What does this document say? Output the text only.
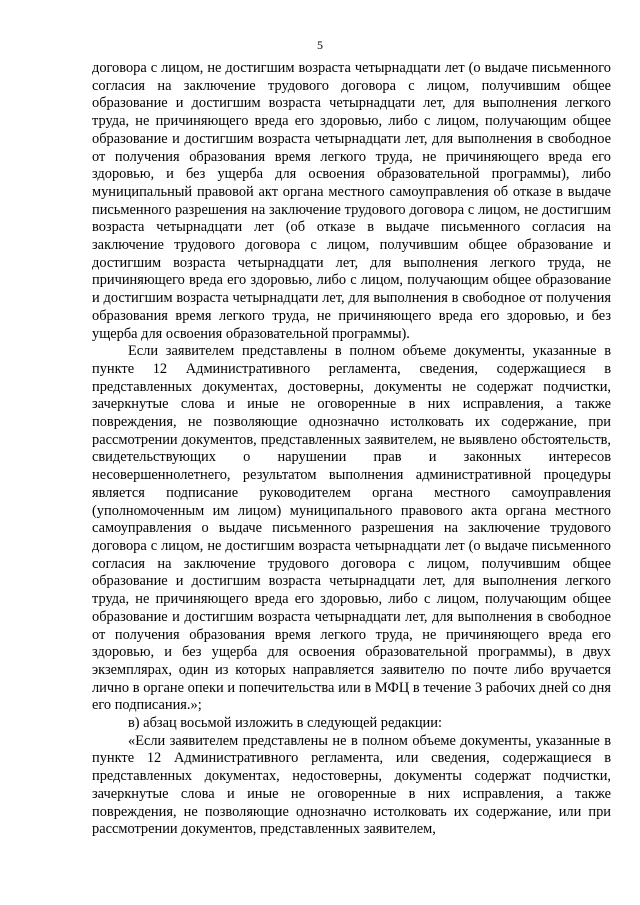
5

договора с лицом, не достигшим возраста четырнадцати лет (о выдаче письменного согласия на заключение трудового договора с лицом, получившим общее образование и достигшим возраста четырнадцати лет, для выполнения легкого труда, не причиняющего вреда его здоровью, либо с лицом, получающим общее образование и достигшим возраста четырнадцати лет, для выполнения в свободное от получения образования время легкого труда, не причиняющего вреда его здоровью, и без ущерба для освоения образовательной программы), либо муниципальный правовой акт органа местного самоуправления об отказе в выдаче письменного разрешения на заключение трудового договора с лицом, не достигшим возраста четырнадцати лет (об отказе в выдаче письменного согласия на заключение трудового договора с лицом, получившим общее образование и достигшим возраста четырнадцати лет, для выполнения легкого труда, не причиняющего вреда его здоровью, либо с лицом, получающим общее образование и достигшим возраста четырнадцати лет, для выполнения в свободное от получения образования время легкого труда, не причиняющего вреда его здоровью, и без ущерба для освоения образовательной программы).

Если заявителем представлены в полном объеме документы, указанные в пункте 12 Административного регламента, сведения, содержащиеся в представленных документах, достоверны, документы не содержат подчистки, зачеркнутые слова и иные не оговоренные в них исправления, а также повреждения, не позволяющие однозначно истолковать их содержание, при рассмотрении документов, представленных заявителем, не выявлено обстоятельств, свидетельствующих о нарушении прав и законных интересов несовершеннолетнего, результатом выполнения административной процедуры является подписание руководителем органа местного самоуправления (уполномоченным им лицом) муниципального правового акта органа местного самоуправления о выдаче письменного разрешения на заключение трудового договора с лицом, не достигшим возраста четырнадцати лет (о выдаче письменного согласия на заключение трудового договора с лицом, получившим общее образование и достигшим возраста четырнадцати лет, для выполнения легкого труда, не причиняющего вреда его здоровью, либо с лицом, получающим общее образование и достигшим возраста четырнадцати лет, для выполнения в свободное от получения образования время легкого труда, не причиняющего вреда его здоровью, и без ущерба для освоения образовательной программы), в двух экземплярах, один из которых направляется заявителю по почте либо вручается лично в органе опеки и попечительства или в МФЦ в течение 3 рабочих дней со дня его подписания.»;

в) абзац восьмой изложить в следующей редакции:

«Если заявителем представлены не в полном объеме документы, указанные в пункте 12 Административного регламента, или сведения, содержащиеся в представленных документах, недостоверны, документы содержат подчистки, зачеркнутые слова и иные не оговоренные в них исправления, а также повреждения, не позволяющие однозначно истолковать их содержание, или при рассмотрении документов, представленных заявителем,
